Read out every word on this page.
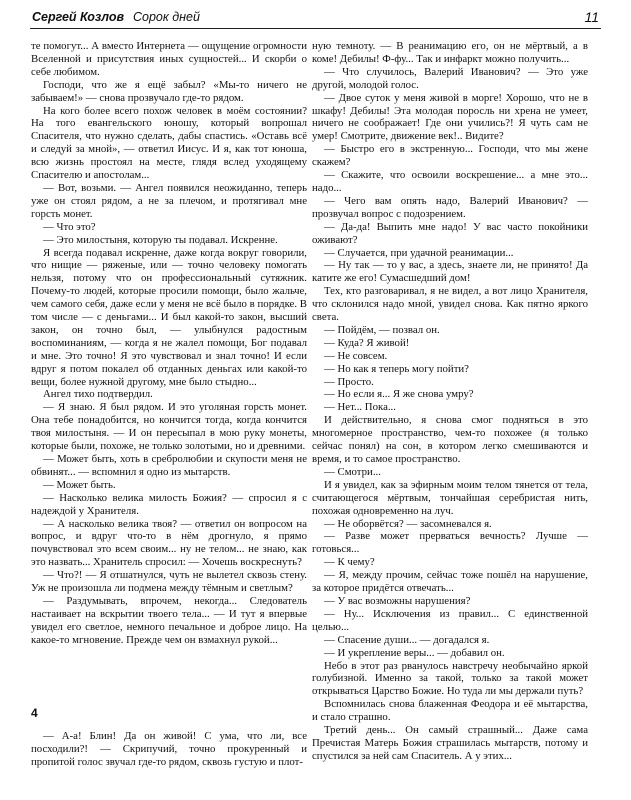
Сергей Козлов Сорок дней	11

те помогут... А вместо Интернета — ощущение огромности Вселенной и присутствия иных сущностей... И скорби о себе любимом.

Господи, что же я ещё забыл? «Мы-то ничего не забываем!» — снова прозвучало где-то рядом.

На кого более всего похож человек в моём состоянии? На того евангельского юношу, который вопрошал Спасителя, что нужно сделать, дабы спастись. «Оставь всё и следуй за мной», — ответил Иисус. И я, как тот юноша, всю жизнь простоял на месте, глядя вслед уходящему Спасителю и апостолам...

— Вот, возьми. — Ангел появился неожиданно, теперь уже он стоял рядом, а не за плечом, и протягивал мне горсть монет.

— Что это?

— Это милостыня, которую ты подавал. Искренне.

Я всегда подавал искренне, даже когда вокруг говорили, что нищие — ряженые, или — точно человеку помогать нельзя, потому что он профессиональный сутяжник. Почему-то людей, которые просили помощи, было жальче, чем самого себя, даже если у меня не всё было в порядке. В том числе — с деньгами... И был какой-то закон, высший закон, он точно был, — улыбнулся радостным воспоминаниям, — когда я не жалел помощи, Бог подавал и мне. Это точно! Я это чувствовал и знал точно! И если вдруг я потом покалел об отданных деньгах или какой-то вещи, более нужной другому, мне было стыдно...

Ангел тихо подтвердил.

— Я знаю. Я был рядом. И это уголяная горсть монет. Она тебе понадобится, но кончится тогда, когда кончится твоя милостыня. — И он пересыпал в мою руку монеты, которые были, похоже, не только золотыми, но и древними.

— Может быть, хоть в сребролюбии и скупости меня не обвинят... — вспомнил я одно из мытарств.

— Может быть.

— Насколько велика милость Божия? — спросил я с надеждой у Хранителя.

— А насколько велика твоя? — ответил он вопросом на вопрос, и вдруг что-то в нём дрогнуло, я прямо почувствовал это всем своим... ну не телом... не знаю, как это назвать... Хранитель спросил: — Хочешь воскреснуть?

— Что?! — Я отшатнулся, чуть не вылетел сквозь стену. Уж не произошла ли подмена между тёмным и светлым?

— Раздумывать, впрочем, некогда... Следователь настаивает на вскрытии твоего тела... — И тут я впервые увидел его светлое, немного печальное и доброе лицо. На какое-то мгновение. Прежде чем он взмахнул рукой...

4

— А-а! Блин! Да он живой! С ума, что ли, все посходили?! — Скрипучий, точно прокуренный и пропитой голос звучал где-то рядом, сквозь густую и плот-

ную темноту. — В реанимацию его, он не мёртвый, а в коме! Дебилы! Ф-фу... Так и инфаркт можно получить...

— Что случилось, Валерий Иванович? — Это уже другой, молодой голос.

— Двое суток у меня живой в морге! Хорошо, что не в шкафу! Дебилы! Эта молодая поросль ни хрена не умеет, ничего не соображает! Где они учились?! Я чуть сам не умер! Смотрите, движение век!.. Видите?

— Быстро его в экстренную... Господи, что мы жене скажем?

— Скажите, что освоили воскрешение... а мне это... надо...

— Чего вам опять надо, Валерий Иванович? — прозвучал вопрос с подозрением.

— Да-да! Выпить мне надо! У вас часто покойники оживают?

— Случается, при удачной реанимации...

— Ну так — то у вас, а здесь, знаете ли, не принято! Да катите же его! Сумасшедший дом!

Тех, кто разговаривал, я не видел, а вот лицо Хранителя, что склонился надо мной, увидел снова. Как пятно яркого света.

— Пойдём, — позвал он.

— Куда? Я живой!

— Не совсем.

— Но как я теперь могу пойти?

— Просто.

— Но если я... Я же снова умру?

— Нет... Пока...

И действительно, я снова смог подняться в это многомерное пространство, чем-то похожее (я только сейчас понял) на сон, в котором легко смешиваются и время, и то самое пространство.

— Смотри...

И я увидел, как за эфирным моим телом тянется от тела, считающегося мёртвым, тончайшая серебристая нить, похожая одновременно на луч.

— Не оборвётся? — засомневался я.

— Разве может прерваться вечность? Лучше — готовься...

— К чему?

— Я, между прочим, сейчас тоже пошёл на нарушение, за которое придётся отвечать...

— У вас возможны нарушения?

— Ну... Исключения из правил... С единственной целью...

— Спасение души... — догадался я.

— И укрепление веры... — добавил он.

Небо в этот раз рванулось навстречу необычайно яркой голубизной. Именно за такой, только за такой может открываться Царство Божие. Но туда ли мы держали путь?

Вспомнилась снова блаженная Феодора и её мытарства, и стало страшно.

Третий день... Он самый страшный... Даже сама Пречистая Матерь Божия страшилась мытарств, потому и спустился за ней сам Спаситель. А у этих...
